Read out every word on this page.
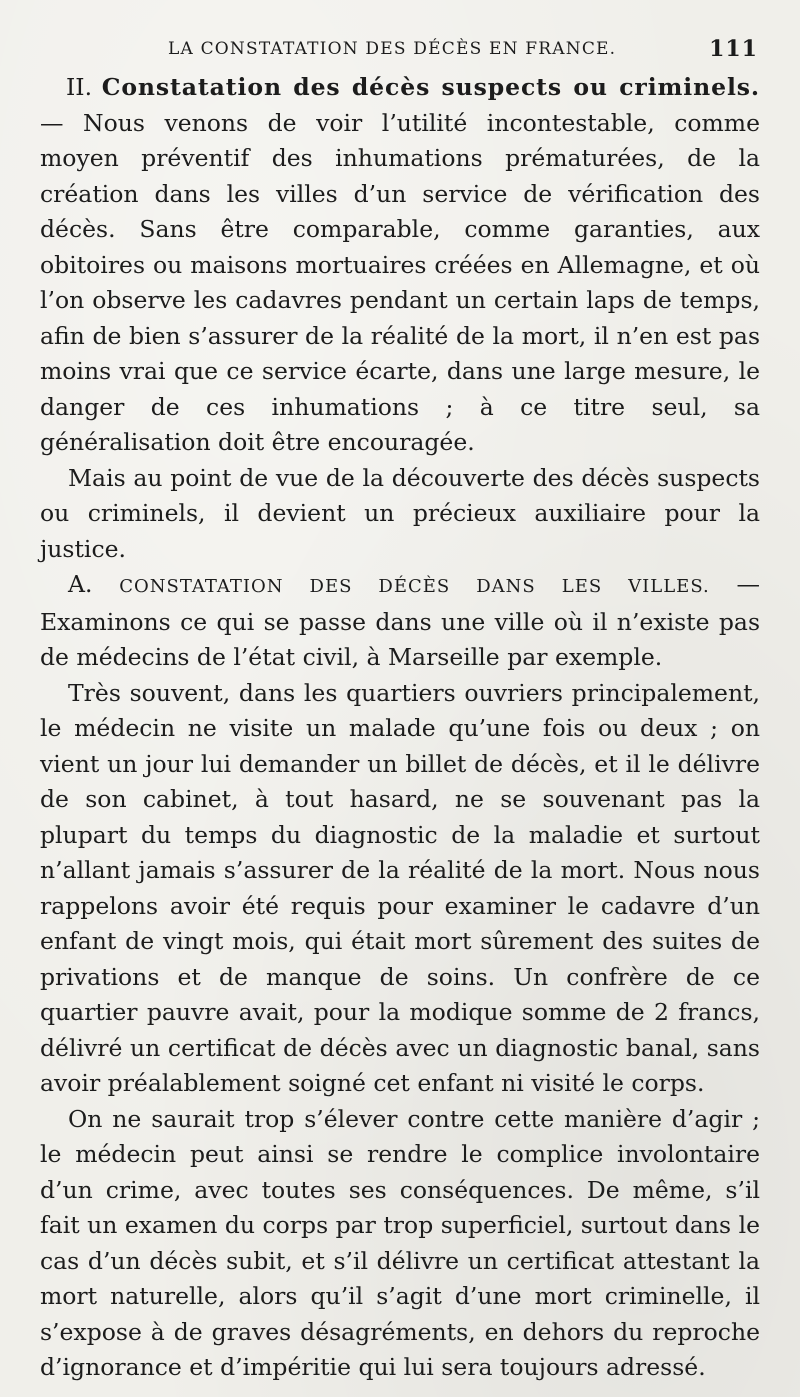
LA CONSTATATION DES DÉCÈS EN FRANCE.	111

II. Constatation des décès suspects ou criminels. — Nous venons de voir l’utilité incontestable, comme moyen préventif des inhumations prématurées, de la création dans les villes d’un service de vérification des décès. Sans être comparable, comme garanties, aux obitoires ou maisons mortuaires créées en Allemagne, et où l’on observe les cadavres pendant un certain laps de temps, afin de bien s’assurer de la réalité de la mort, il n’en est pas moins vrai que ce service écarte, dans une large mesure, le danger de ces inhumations ; à ce titre seul, sa généralisation doit être encouragée.

Mais au point de vue de la découverte des décès suspects ou criminels, il devient un précieux auxiliaire pour la justice.

A. CONSTATATION DES DÉCÈS DANS LES VILLES. — Examinons ce qui se passe dans une ville où il n’existe pas de médecins de l’état civil, à Marseille par exemple.

Très souvent, dans les quartiers ouvriers principalement, le médecin ne visite un malade qu’une fois ou deux ; on vient un jour lui demander un billet de décès, et il le délivre de son cabinet, à tout hasard, ne se souvenant pas la plupart du temps du diagnostic de la maladie et surtout n’allant jamais s’assurer de la réalité de la mort. Nous nous rappelons avoir été requis pour examiner le cadavre d’un enfant de vingt mois, qui était mort sûrement des suites de privations et de manque de soins. Un confrère de ce quartier pauvre avait, pour la modique somme de 2 francs, délivré un certificat de décès avec un diagnostic banal, sans avoir préalablement soigné cet enfant ni visité le corps.

On ne saurait trop s’élever contre cette manière d’agir ; le médecin peut ainsi se rendre le complice involontaire d’un crime, avec toutes ses conséquences. De même, s’il fait un examen du corps par trop superficiel, surtout dans le cas d’un décès subit, et s’il délivre un certificat attestant la mort naturelle, alors qu’il s’agit d’une mort criminelle, il s’expose à de graves désagréments, en dehors du reproche d’ignorance et d’impéritie qui lui sera toujours adressé.
